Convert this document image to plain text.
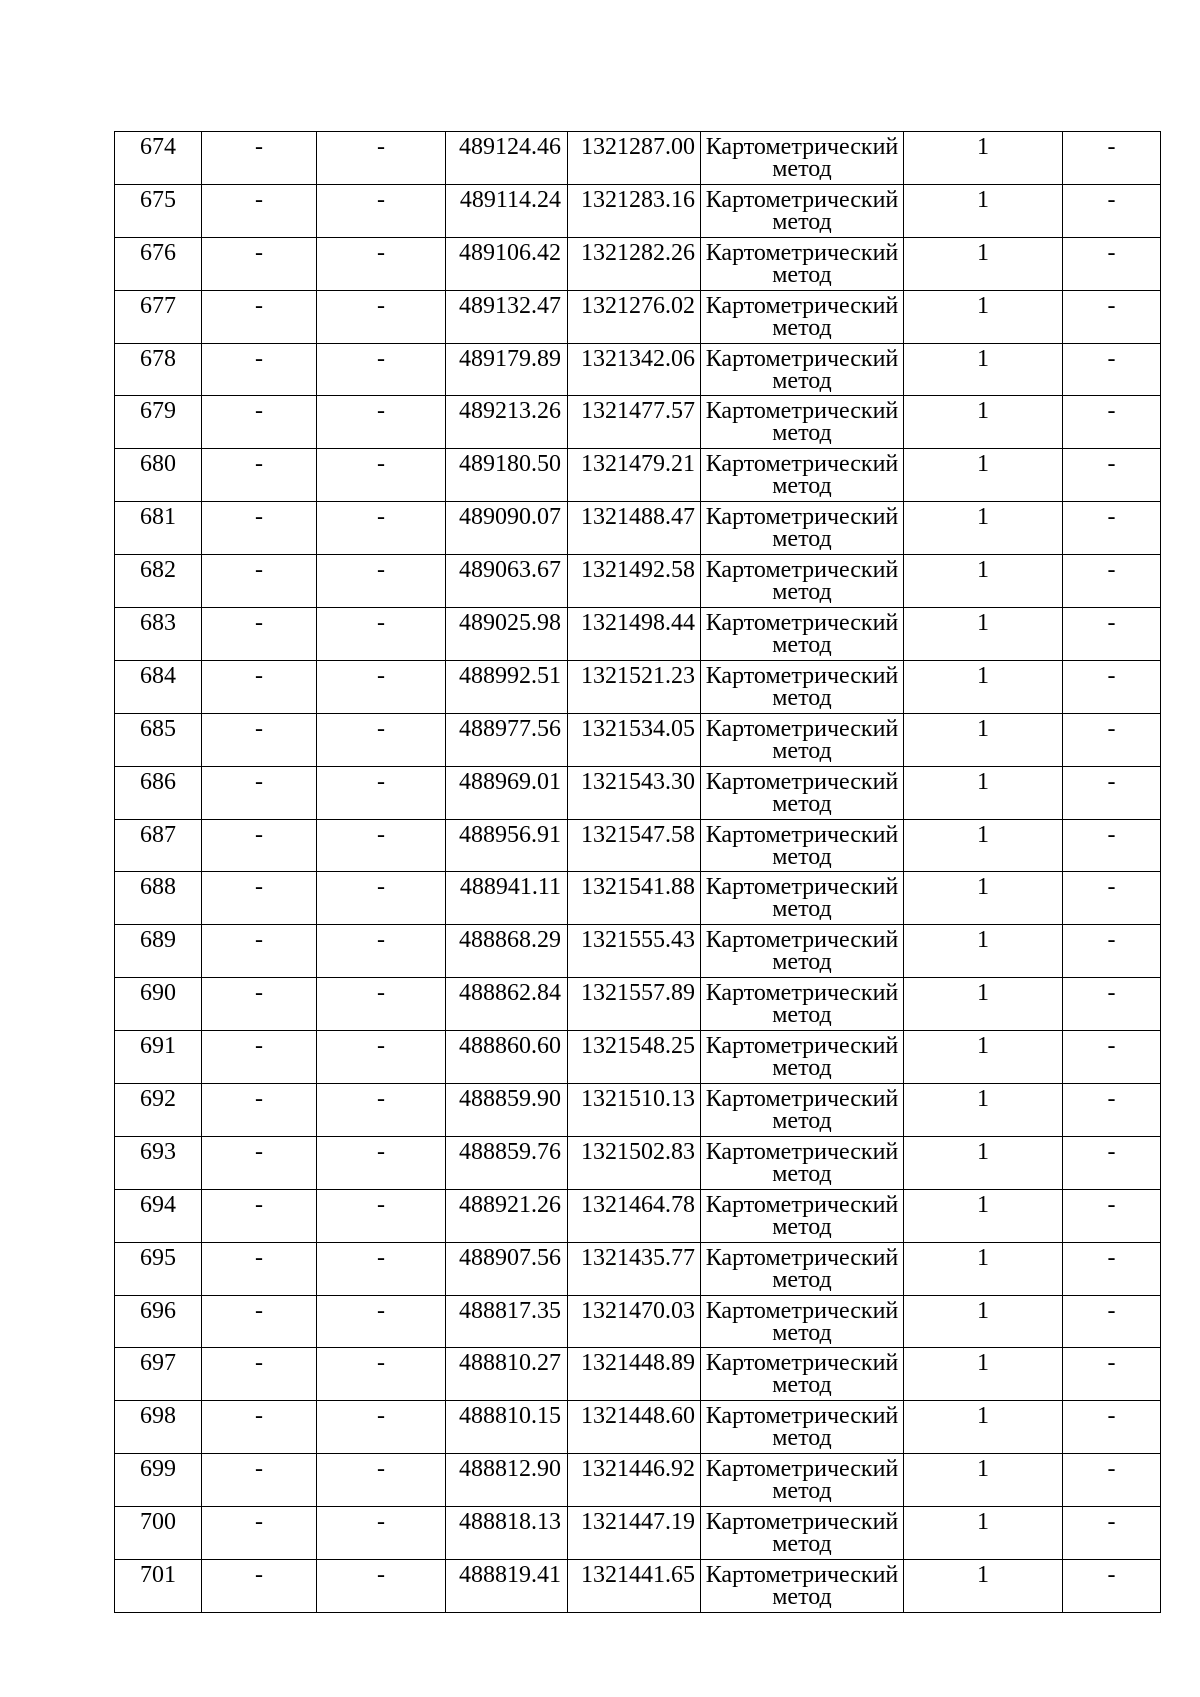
674	-	-	489124.46	1321287.00	Картометрический
метод	1	-
675	-	-	489114.24	1321283.16	Картометрический
метод	1	-
676	-	-	489106.42	1321282.26	Картометрический
метод	1	-
677	-	-	489132.47	1321276.02	Картометрический
метод	1	-
678	-	-	489179.89	1321342.06	Картометрический
метод	1	-
679	-	-	489213.26	1321477.57	Картометрический
метод	1	-
680	-	-	489180.50	1321479.21	Картометрический
метод	1	-
681	-	-	489090.07	1321488.47	Картометрический
метод	1	-
682	-	-	489063.67	1321492.58	Картометрический
метод	1	-
683	-	-	489025.98	1321498.44	Картометрический
метод	1	-
684	-	-	488992.51	1321521.23	Картометрический
метод	1	-
685	-	-	488977.56	1321534.05	Картометрический
метод	1	-
686	-	-	488969.01	1321543.30	Картометрический
метод	1	-
687	-	-	488956.91	1321547.58	Картометрический
метод	1	-
688	-	-	488941.11	1321541.88	Картометрический
метод	1	-
689	-	-	488868.29	1321555.43	Картометрический
метод	1	-
690	-	-	488862.84	1321557.89	Картометрический
метод	1	-
691	-	-	488860.60	1321548.25	Картометрический
метод	1	-
692	-	-	488859.90	1321510.13	Картометрический
метод	1	-
693	-	-	488859.76	1321502.83	Картометрический
метод	1	-
694	-	-	488921.26	1321464.78	Картометрический
метод	1	-
695	-	-	488907.56	1321435.77	Картометрический
метод	1	-
696	-	-	488817.35	1321470.03	Картометрический
метод	1	-
697	-	-	488810.27	1321448.89	Картометрический
метод	1	-
698	-	-	488810.15	1321448.60	Картометрический
метод	1	-
699	-	-	488812.90	1321446.92	Картометрический
метод	1	-
700	-	-	488818.13	1321447.19	Картометрический
метод	1	-
701	-	-	488819.41	1321441.65	Картометрический
метод	1	-
